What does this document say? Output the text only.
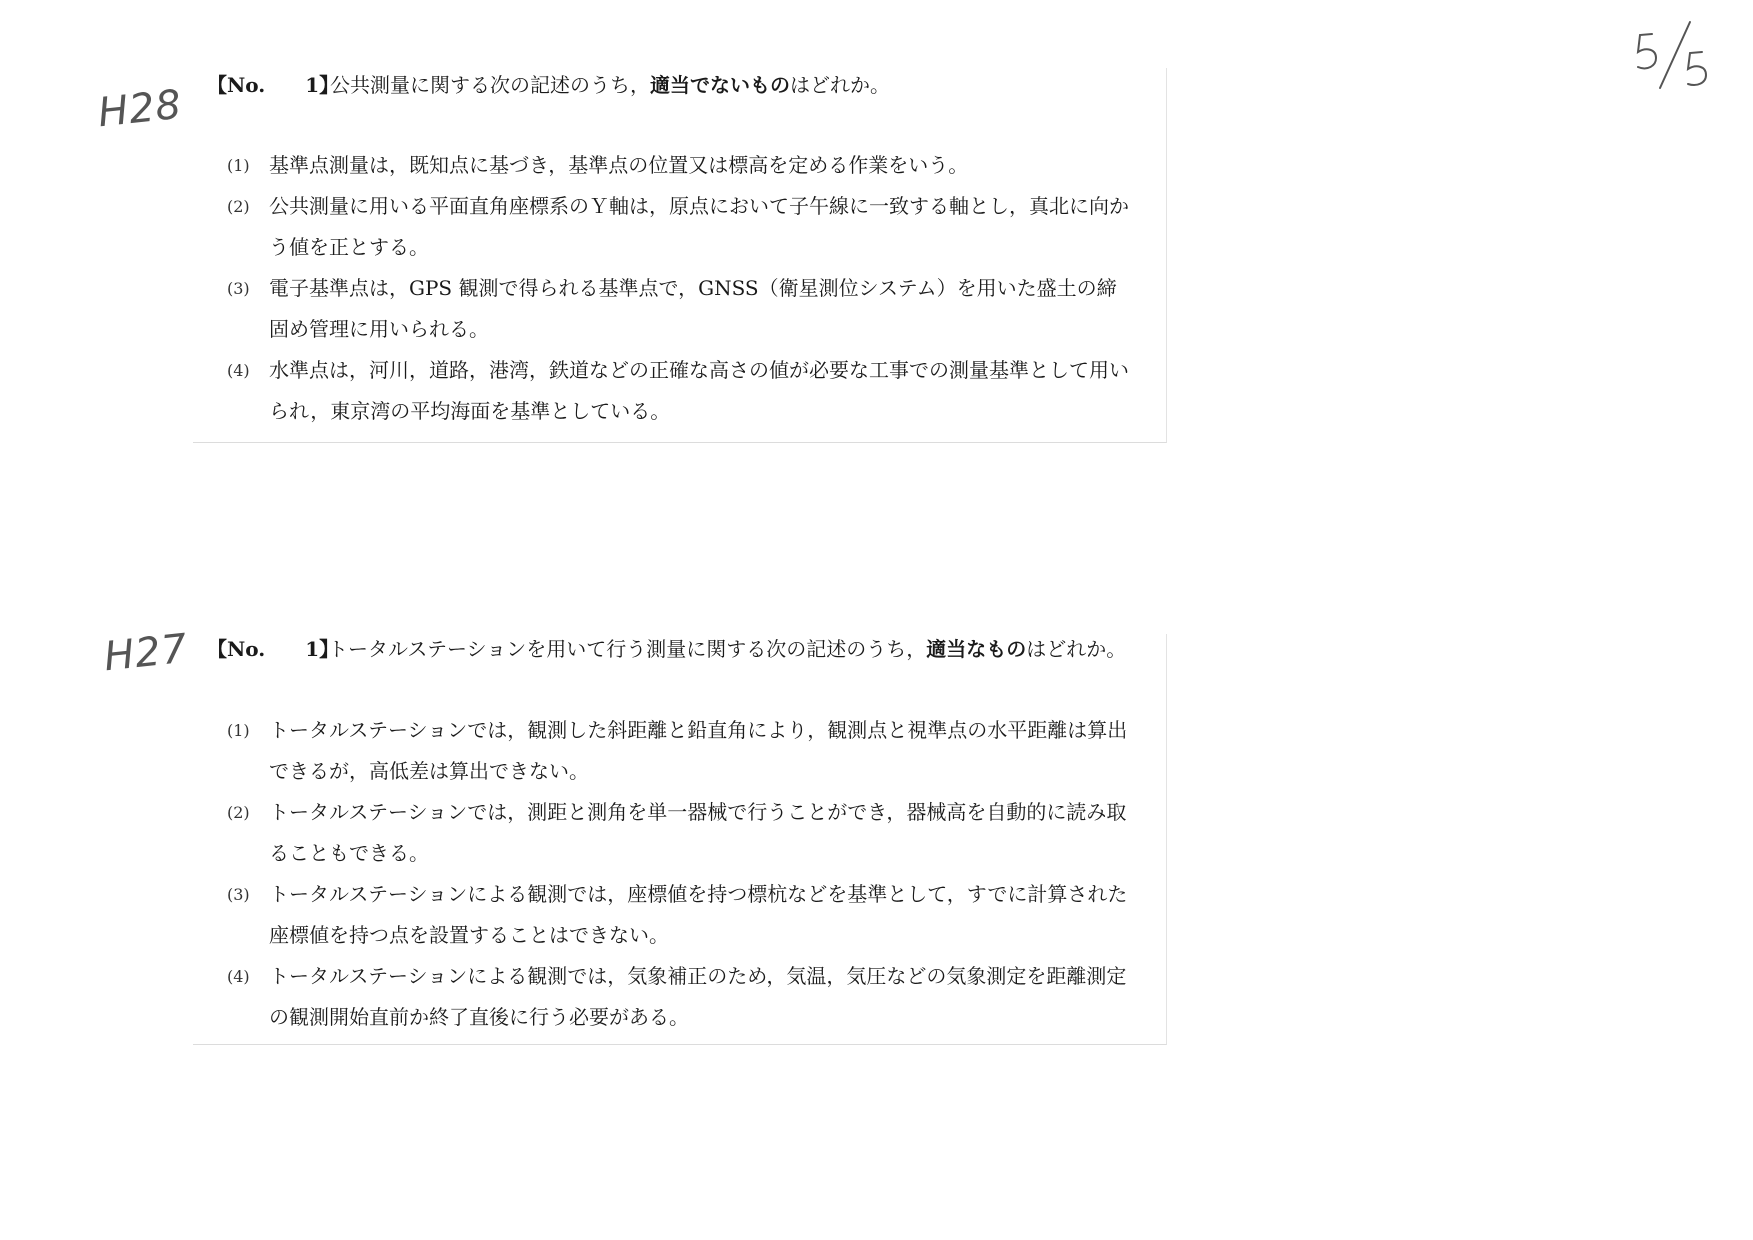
H28 【No.　　1】
公共測量に関する次の記述のうち，適当でないものはどれか。
(1) 基準点測量は，既知点に基づき，基準点の位置又は標高を定める作業をいう。
(2) 公共測量に用いる平面直角座標系のＹ軸は，原点において子午線に一致する軸とし，真北に向かう値を正とする。
(3) 電子基準点は，GPS 観測で得られる基準点で，GNSS（衛星測位システム）を用いた盛土の締固め管理に用いられる。
(4) 水準点は，河川，道路，港湾，鉄道などの正確な高さの値が必要な工事での測量基準として用いられ，東京湾の平均海面を基準としている。
H27 【No.　　1】
トータルステーションを用いて行う測量に関する次の記述のうち，適当なものはどれか。
(1) トータルステーションでは，観測した斜距離と鉛直角により，観測点と視準点の水平距離は算出できるが，高低差は算出できない。
(2) トータルステーションでは，測距と測角を単一器械で行うことができ，器械高を自動的に読み取ることもできる。
(3) トータルステーションによる観測では，座標値を持つ標杭などを基準として，すでに計算された座標値を持つ点を設置することはできない。
(4) トータルステーションによる観測では，気象補正のため，気温，気圧などの気象測定を距離測定の観測開始直前か終了直後に行う必要がある。
